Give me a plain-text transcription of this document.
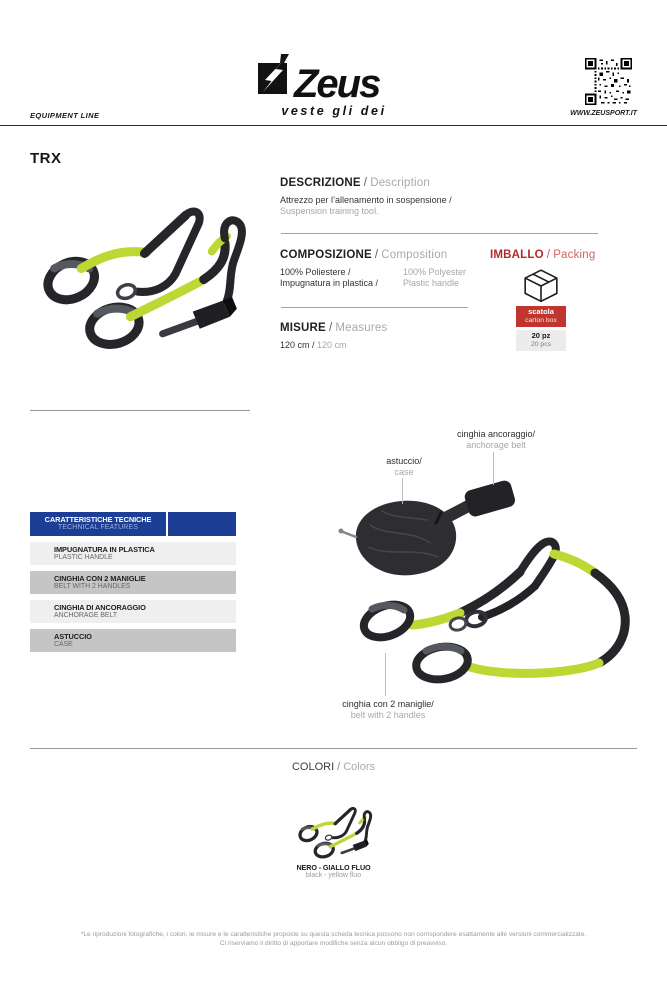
Zeus
veste gli dei	WWW.ZEUSPORT.IT
EQUIPMENT LINE
TRX
DESCRIZIONE / Description
Attrezzo per l’allenamento in sospensione /
Suspension training tool.
COMPOSIZIONE / Composition
100% Poliestere /
Impugnatura in plastica /
100% Polyester
Plastic handle
IMBALLO / Packing
scatola
carton box
20 pz
20 pcs
MISURE / Measures
120 cm / 120 cm
CARATTERISTICHE TECNICHE
TECHNICAL FEATURES
IMPUGNATURA IN PLASTICA
PLASTIC HANDLE
CINGHIA CON 2 MANIGLIE
BELT WITH 2 HANDLES
CINGHIA DI ANCORAGGIO
ANCHORAGE BELT
ASTUCCIO
CASE
cinghia ancoraggio/
anchorage belt
astuccio/
case
cinghia con 2 maniglie/
belt with 2 handles
COLORI / Colors
NERO - GIALLO FLUO
black - yellow fluo
*Le riproduzioni fotografiche, i colori, le misure e le caratteristiche proposte su questa scheda tecnica possono non corrispondere esattamente alle versioni commercializzate.
Ci riserviamo il diritto di apportare modifiche senza alcun obbligo di preavviso.
